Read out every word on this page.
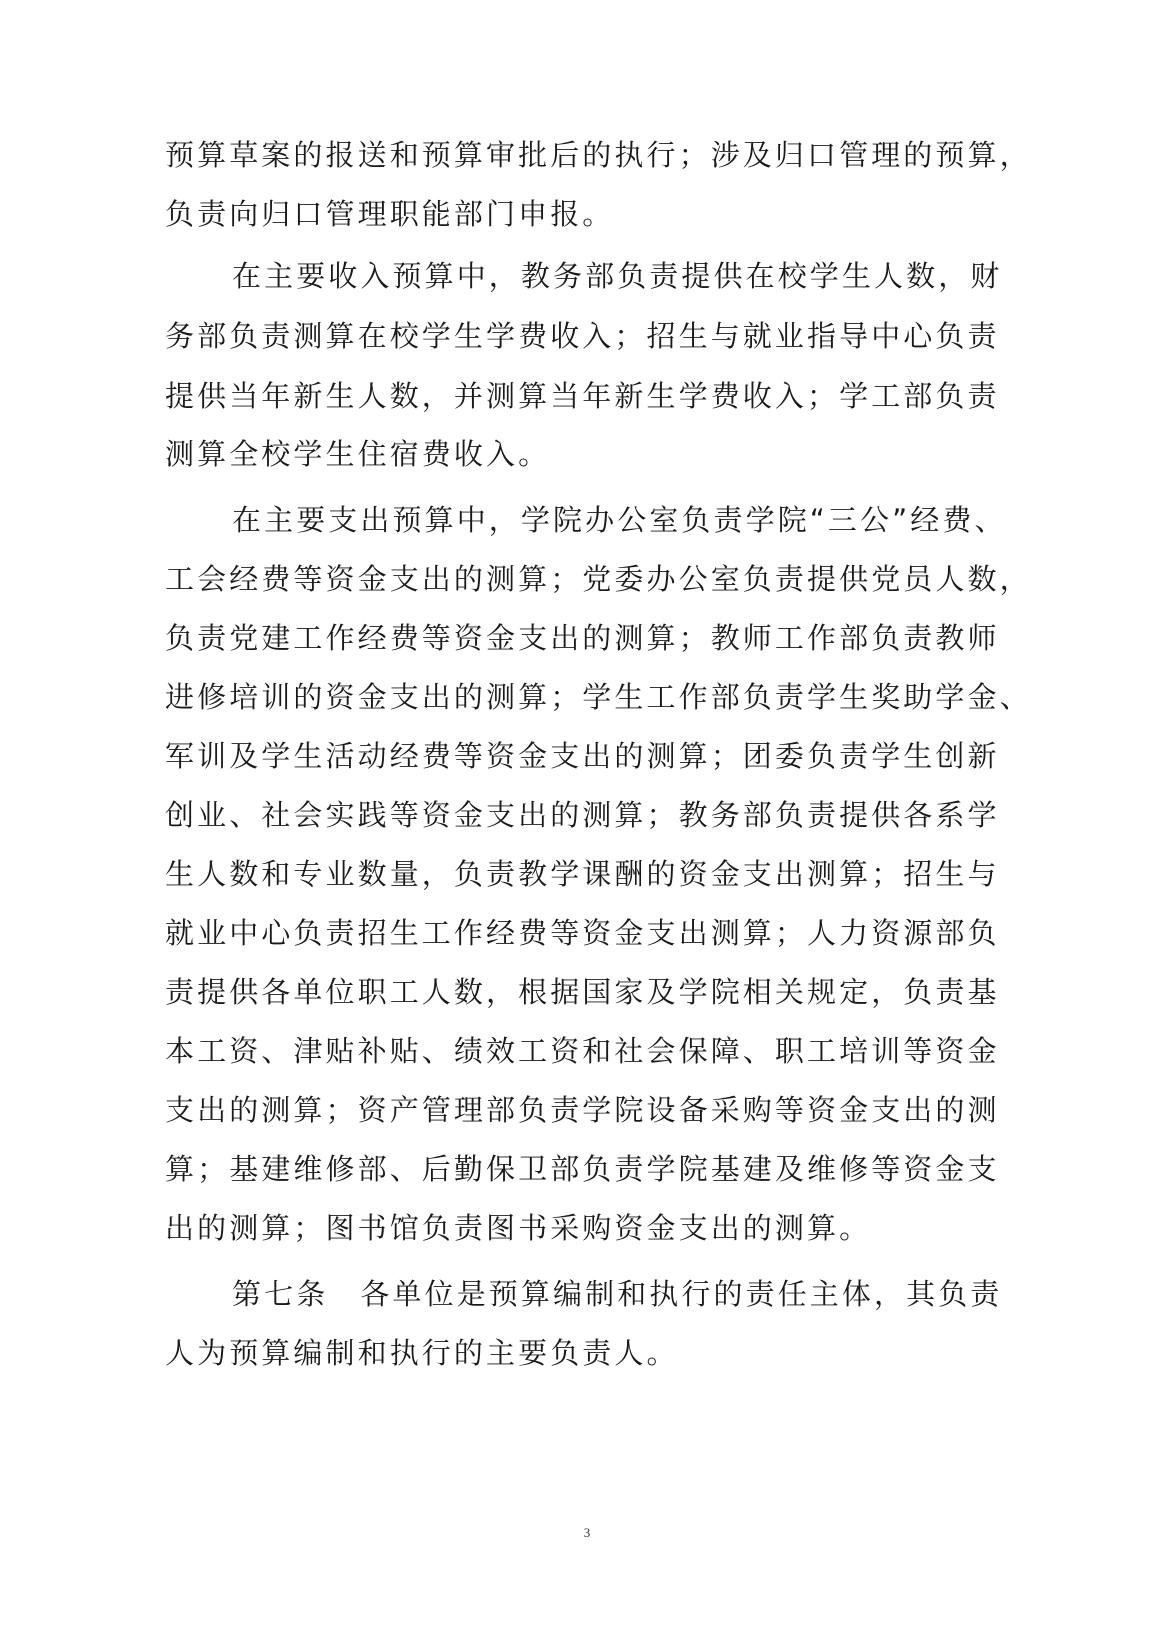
预算草案的报送和预算审批后的执行；涉及归口管理的预算，
负责向归口管理职能部门申报。
在主要收入预算中，教务部负责提供在校学生人数，财
务部负责测算在校学生学费收入；招生与就业指导中心负责
提供当年新生人数，并测算当年新生学费收入；学工部负责
测算全校学生住宿费收入。
在主要支出预算中，学院办公室负责学院“三公”经费、
工会经费等资金支出的测算；党委办公室负责提供党员人数，
负责党建工作经费等资金支出的测算；教师工作部负责教师
进修培训的资金支出的测算；学生工作部负责学生奖助学金、
军训及学生活动经费等资金支出的测算；团委负责学生创新
创业、社会实践等资金支出的测算；教务部负责提供各系学
生人数和专业数量，负责教学课酬的资金支出测算；招生与
就业中心负责招生工作经费等资金支出测算；人力资源部负
责提供各单位职工人数，根据国家及学院相关规定，负责基
本工资、津贴补贴、绩效工资和社会保障、职工培训等资金
支出的测算；资产管理部负责学院设备采购等资金支出的测
算；基建维修部、后勤保卫部负责学院基建及维修等资金支
出的测算；图书馆负责图书采购资金支出的测算。
第七条　各单位是预算编制和执行的责任主体，其负责
人为预算编制和执行的主要负责人。
3
